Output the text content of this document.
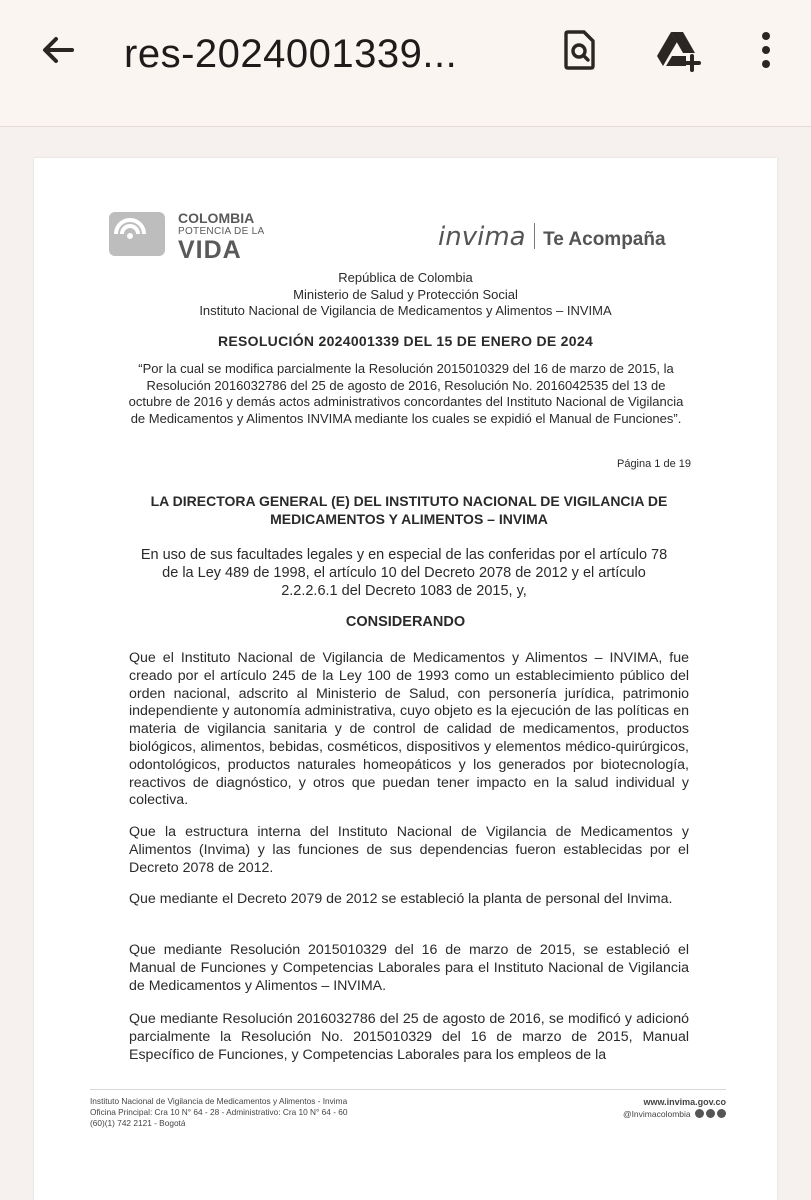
res-2024001339...
COLOMBIA
POTENCIA DE LA
VIDA	invima Te Acompaña
República de Colombia
Ministerio de Salud y Protección Social
Instituto Nacional de Vigilancia de Medicamentos y Alimentos – INVIMA
RESOLUCIÓN 2024001339 DEL 15 DE ENERO DE 2024
“Por la cual se modifica parcialmente la Resolución 2015010329 del 16 de marzo de 2015, la Resolución 2016032786 del 25 de agosto de 2016, Resolución No. 2016042535 del 13 de octubre de 2016 y demás actos administrativos concordantes del Instituto Nacional de Vigilancia de Medicamentos y Alimentos INVIMA mediante los cuales se expidió el Manual de Funciones”.
Página 1 de 19
LA DIRECTORA GENERAL (E) DEL INSTITUTO NACIONAL DE VIGILANCIA DE MEDICAMENTOS Y ALIMENTOS – INVIMA
En uso de sus facultades legales y en especial de las conferidas por el artículo 78 de la Ley 489 de 1998, el artículo 10 del Decreto 2078 de 2012 y el artículo 2.2.2.6.1 del Decreto 1083 de 2015, y,
CONSIDERANDO
Que el Instituto Nacional de Vigilancia de Medicamentos y Alimentos – INVIMA, fue creado por el artículo 245 de la Ley 100 de 1993 como un establecimiento público del orden nacional, adscrito al Ministerio de Salud, con personería jurídica, patrimonio independiente y autonomía administrativa, cuyo objeto es la ejecución de las políticas en materia de vigilancia sanitaria y de control de calidad de medicamentos, productos biológicos, alimentos, bebidas, cosméticos, dispositivos y elementos médico-quirúrgicos, odontológicos, productos naturales homeopáticos y los generados por biotecnología, reactivos de diagnóstico, y otros que puedan tener impacto en la salud individual y colectiva.
Que la estructura interna del Instituto Nacional de Vigilancia de Medicamentos y Alimentos (Invima) y las funciones de sus dependencias fueron establecidas por el Decreto 2078 de 2012.
Que mediante el Decreto 2079 de 2012 se estableció la planta de personal del Invima.
Que mediante Resolución 2015010329 del 16 de marzo de 2015, se estableció el Manual de Funciones y Competencias Laborales para el Instituto Nacional de Vigilancia de Medicamentos y Alimentos – INVIMA.
Que mediante Resolución 2016032786 del 25 de agosto de 2016, se modificó y adicionó parcialmente la Resolución No. 2015010329 del 16 de marzo de 2015, Manual Específico de Funciones, y Competencias Laborales para los empleos de la
Instituto Nacional de Vigilancia de Medicamentos y Alimentos - Invima
Oficina Principal: Cra 10 N° 64 - 28 - Administrativo: Cra 10 N° 64 - 60
(60)(1) 742 2121 - Bogotá
www.invima.gov.co
@Invimacolombia
